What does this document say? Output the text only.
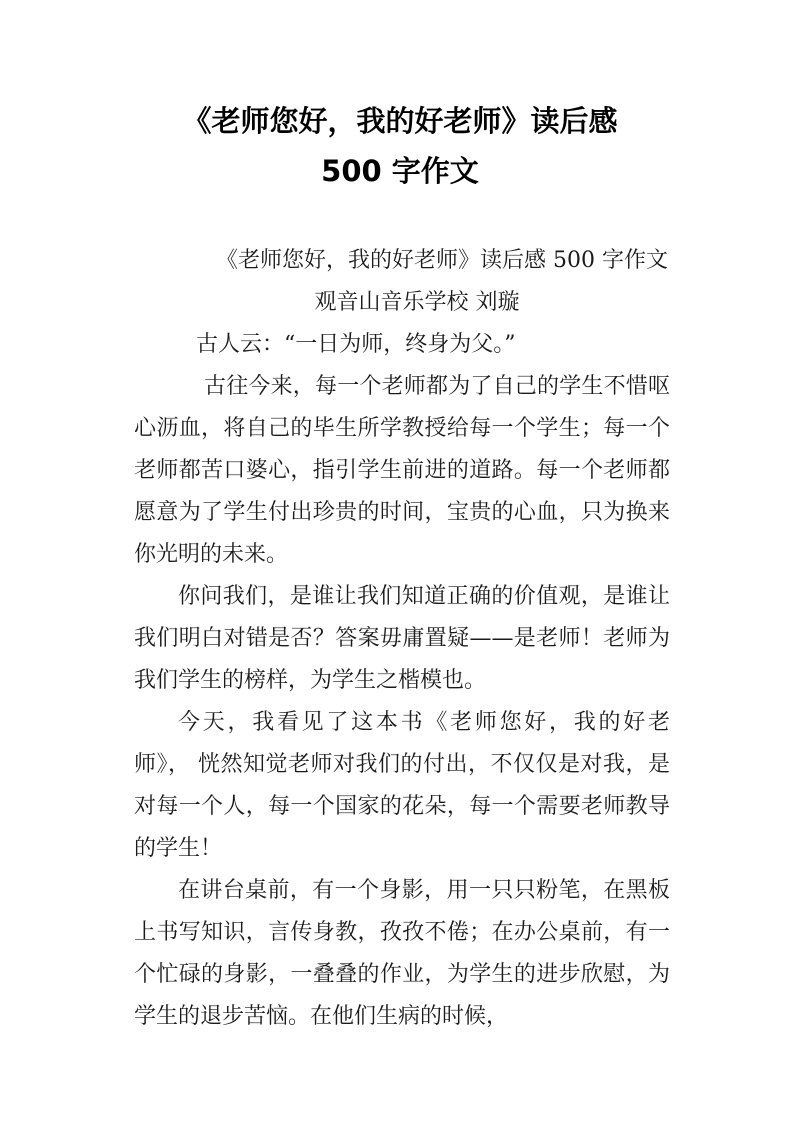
《老师您好，我的好老师》读后感
500 字作文
《老师您好，我的好老师》读后感 500 字作文
观音山音乐学校 刘璇
古人云：“一日为师，终身为父。”

古往今来，每一个老师都为了自己的学生不惜呕心沥血，将自己的毕生所学教授给每一个学生；每一个老师都苦口婆心，指引学生前进的道路。每一个老师都愿意为了学生付出珍贵的时间，宝贵的心血，只为换来你光明的未来。

你问我们，是谁让我们知道正确的价值观，是谁让我们明白对错是否？答案毋庸置疑——是老师！老师为我们学生的榜样，为学生之楷模也。

今天，我看见了这本书《老师您好，我的好老师》， 恍然知觉老师对我们的付出，不仅仅是对我，是对每一个人，每一个国家的花朵，每一个需要老师教导的学生！

在讲台桌前，有一个身影，用一只只粉笔，在黑板上书写知识，言传身教，孜孜不倦；在办公桌前，有一个忙碌的身影，一叠叠的作业，为学生的进步欣慰，为学生的退步苦恼。在他们生病的时候，
